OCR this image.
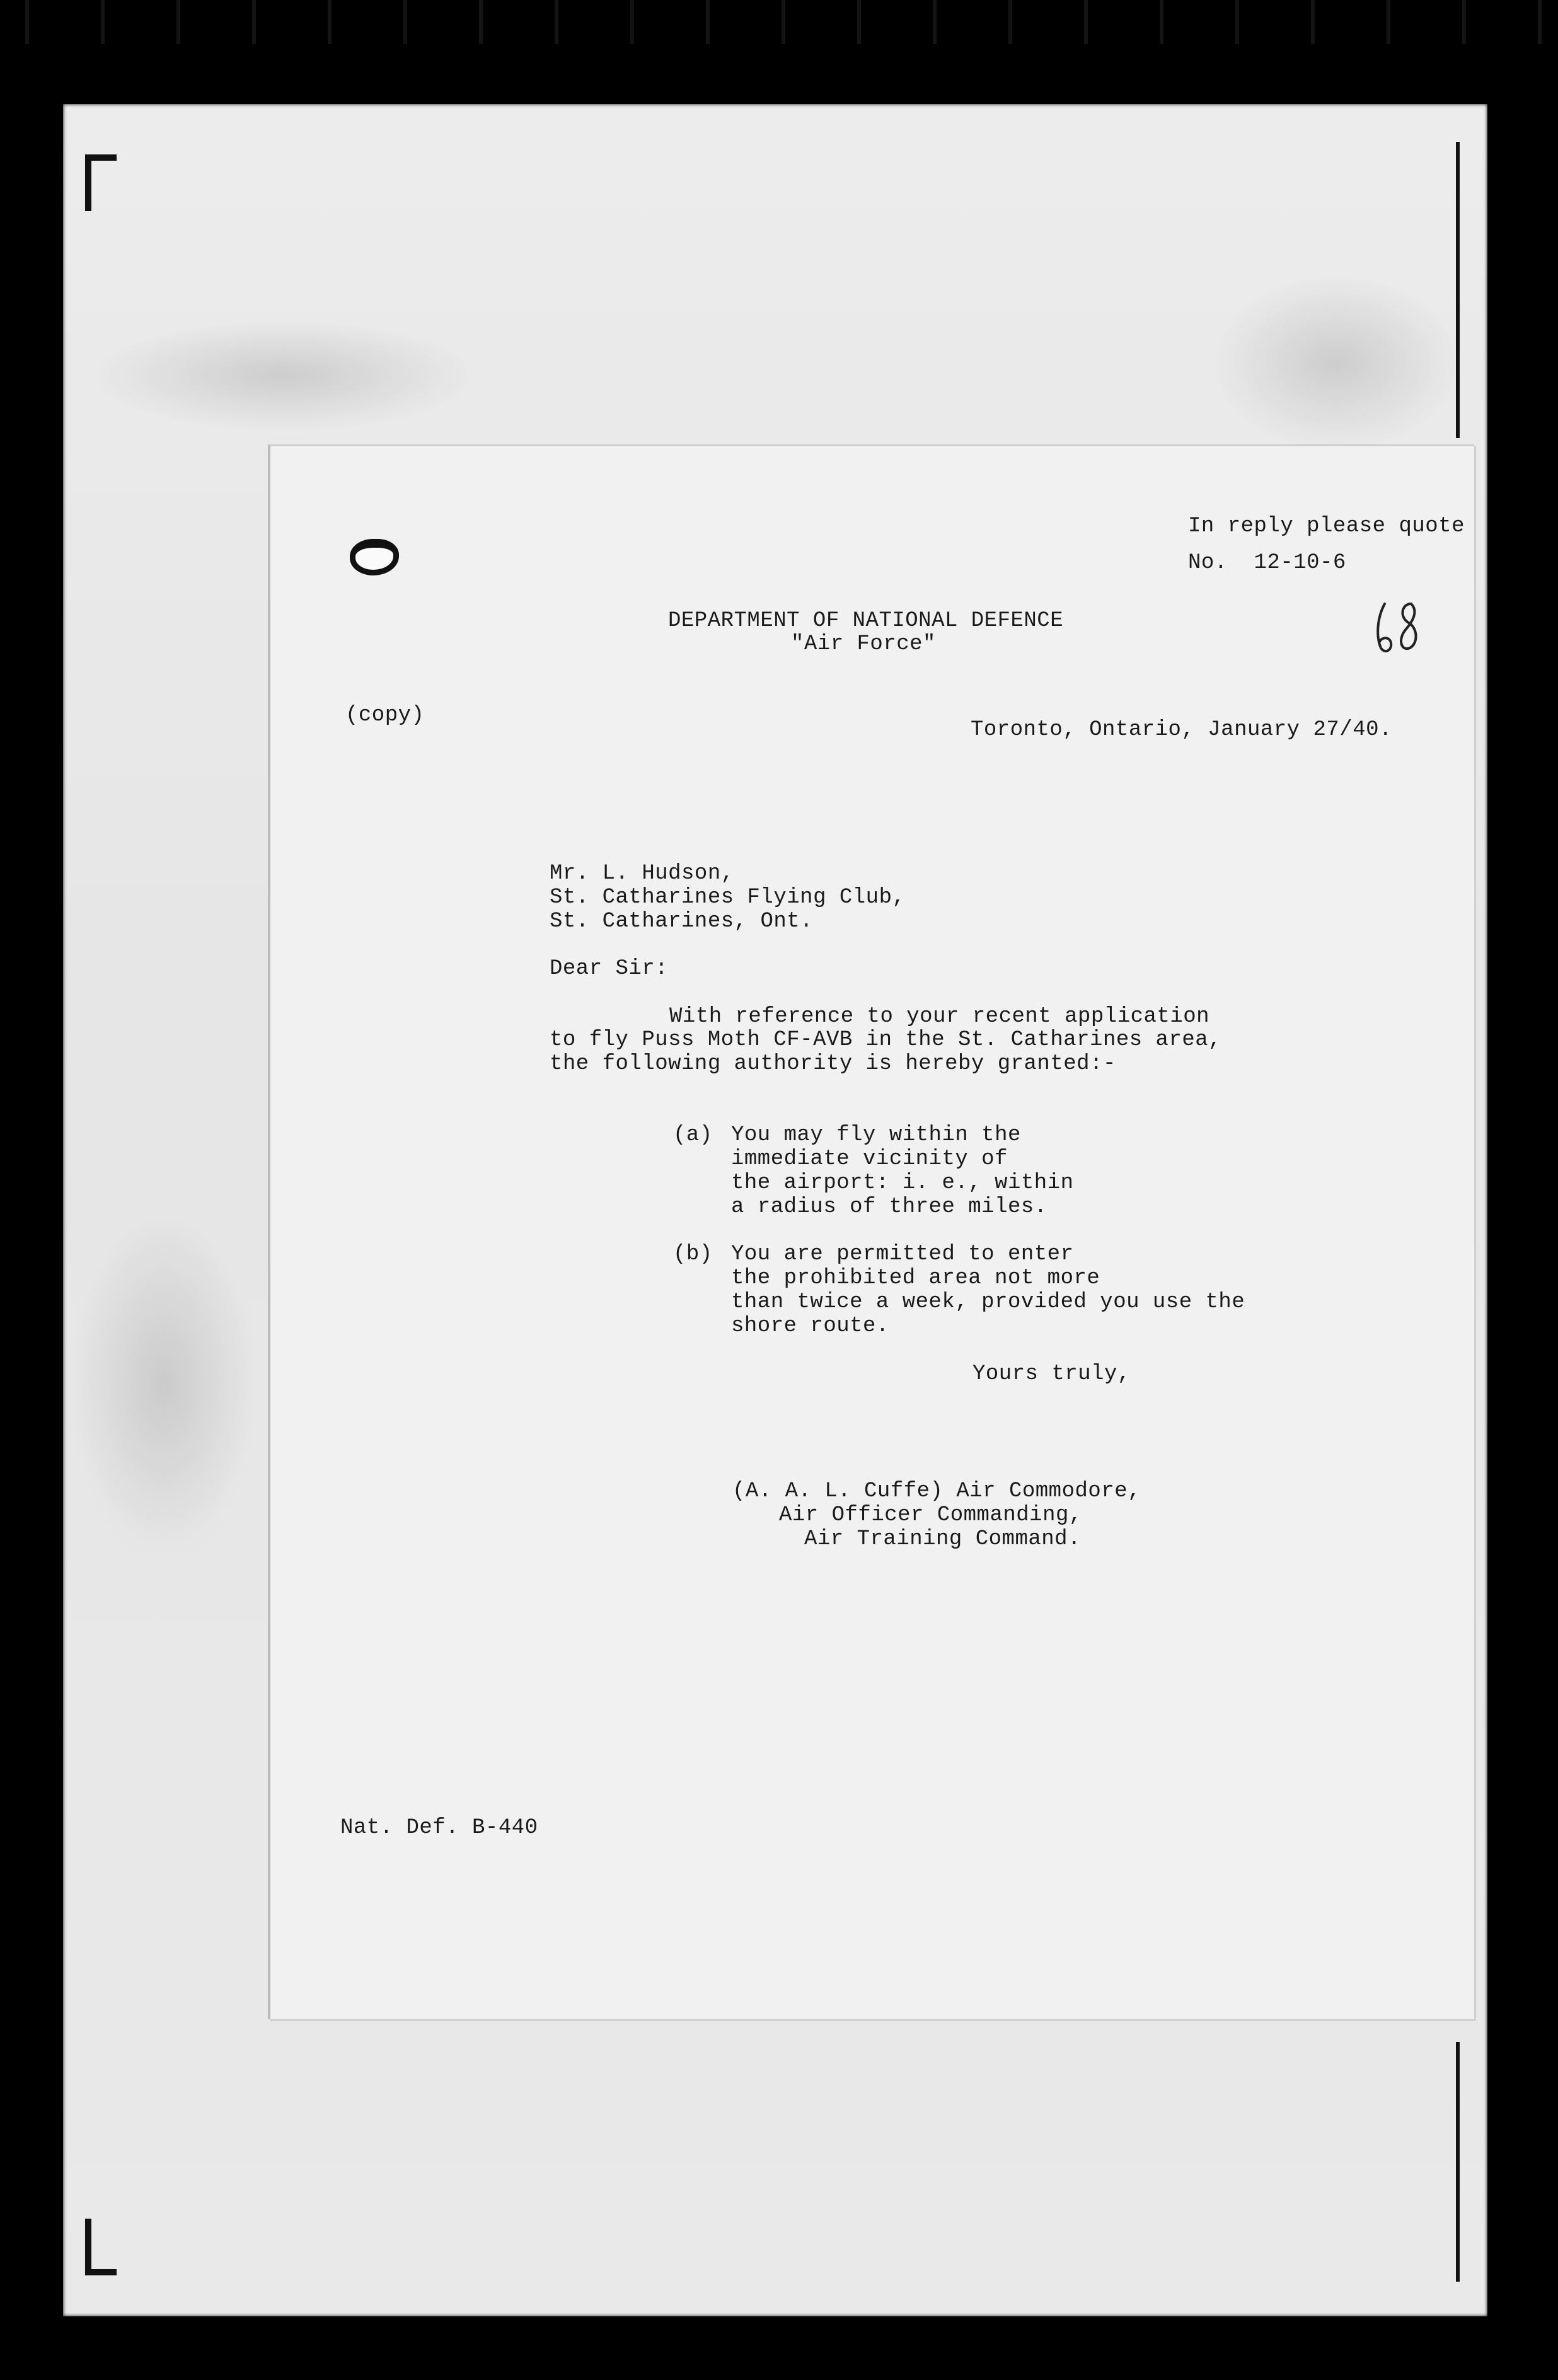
In reply please quote
No.  12-10-6
DEPARTMENT OF NATIONAL DEFENCE
"Air Force"
(copy)
Toronto, Ontario, January 27/40.
Mr. L. Hudson,
St. Catharines Flying Club,
St. Catharines, Ont.
Dear Sir:
With reference to your recent application
to fly Puss Moth CF-AVB in the St. Catharines area,
the following authority is hereby granted:-
(a) You may fly within the
immediate vicinity of
the airport: i. e., within
a radius of three miles.
(b) You are permitted to enter
the prohibited area not more
than twice a week, provided you use the
shore route.
Yours truly,
(A. A. L. Cuffe) Air Commodore,
Air Officer Commanding,
Air Training Command.
Nat. Def. B-440
